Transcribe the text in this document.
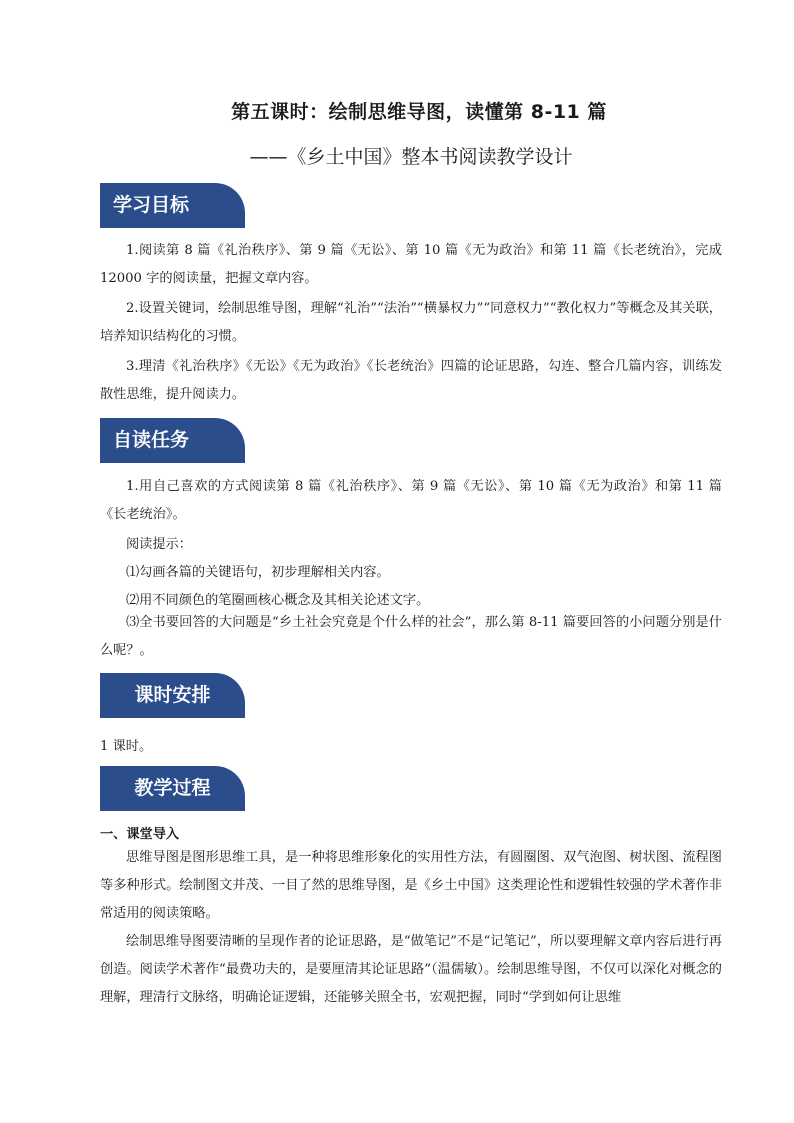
第五课时：绘制思维导图，读懂第 8-11 篇
——《乡土中国》整本书阅读教学设计
学习目标
1.阅读第 8 篇《礼治秩序》、第 9 篇《无讼》、第 10 篇《无为政治》和第 11 篇《长老统治》，完成 12000 字的阅读量，把握文章内容。
2.设置关键词，绘制思维导图，理解“礼治”“法治”“横暴权力”“同意权力”“教化权力”等概念及其关联，培养知识结构化的习惯。
3.理清《礼治秩序》《无讼》《无为政治》《长老统治》四篇的论证思路，勾连、整合几篇内容，训练发散性思维，提升阅读力。
自读任务
1.用自己喜欢的方式阅读第 8 篇《礼治秩序》、第 9 篇《无讼》、第 10 篇《无为政治》和第 11 篇《长老统治》。
阅读提示：
⑴勾画各篇的关键语句，初步理解相关内容。
⑵用不同颜色的笔圈画核心概念及其相关论述文字。
⑶全书要回答的大问题是“乡土社会究竟是个什么样的社会”，那么第 8-11 篇要回答的小问题分别是什么呢？。
课时安排
1 课时。
教学过程
一、课堂导入
思维导图是图形思维工具，是一种将思维形象化的实用性方法，有圆圈图、双气泡图、树状图、流程图等多种形式。绘制图文并茂、一目了然的思维导图，是《乡土中国》这类理论性和逻辑性较强的学术著作非常适用的阅读策略。
绘制思维导图要清晰的呈现作者的论证思路，是“做笔记”不是“记笔记”，所以要理解文章内容后进行再创造。阅读学术著作“最费功夫的，是要厘清其论证思路”（温儒敏）。绘制思维导图，不仅可以深化对概念的理解，理清行文脉络，明确论证逻辑，还能够关照全书，宏观把握，同时“学到如何让思维
